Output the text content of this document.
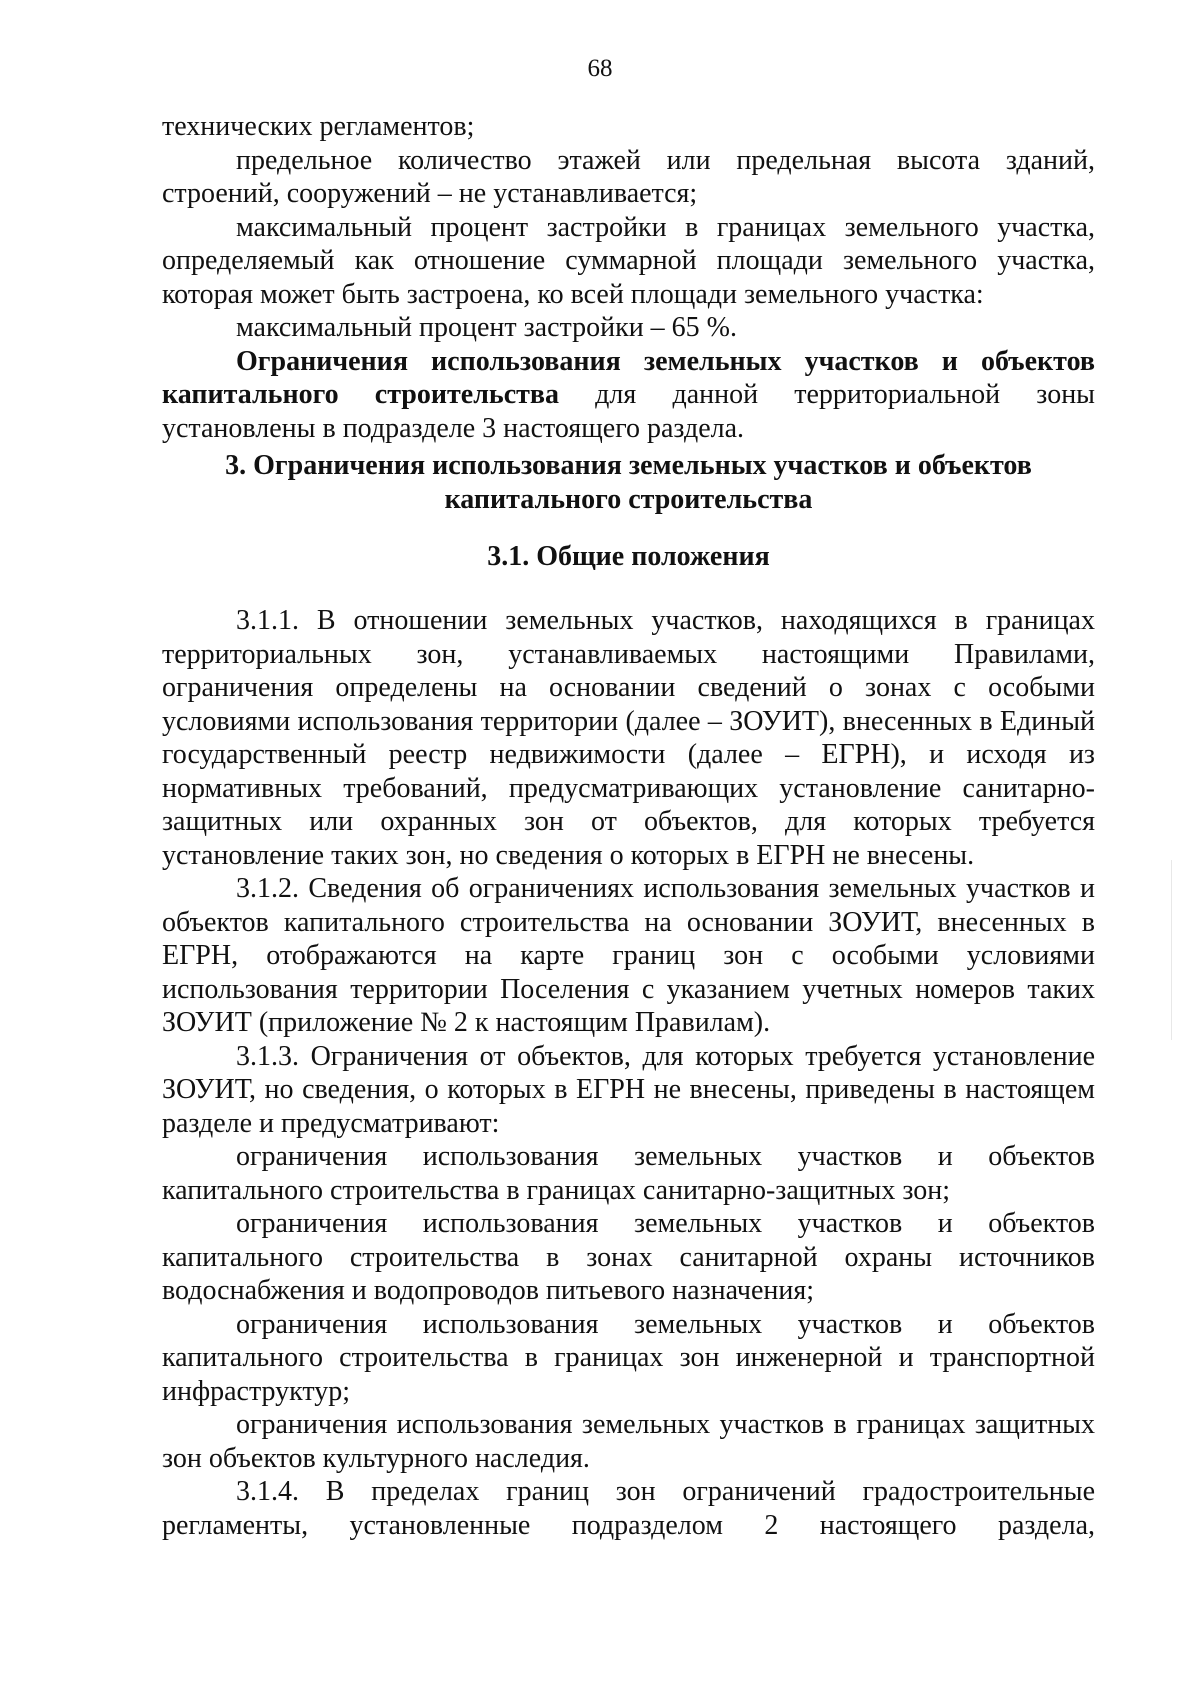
68

технических регламентов;

предельное количество этажей или предельная высота зданий, строений, сооружений – не устанавливается;

максимальный процент застройки в границах земельного участка, определяемый как отношение суммарной площади земельного участка, которая может быть застроена, ко всей площади земельного участка:

максимальный процент застройки – 65 %.

Ограничения использования земельных участков и объектов капитального строительства для данной территориальной зоны установлены в подразделе 3 настоящего раздела.

3. Ограничения использования земельных участков и объектов
капитального строительства

3.1. Общие положения

3.1.1. В отношении земельных участков, находящихся в границах территориальных зон, устанавливаемых настоящими Правилами, ограничения определены на основании сведений о зонах с особыми условиями использования территории (далее – ЗОУИТ), внесенных в Единый государственный реестр недвижимости (далее – ЕГРН), и исходя из нормативных требований, предусматривающих установление санитарно-защитных или охранных зон от объектов, для которых требуется установление таких зон, но сведения о которых в ЕГРН не внесены.

3.1.2. Сведения об ограничениях использования земельных участков и объектов капитального строительства на основании ЗОУИТ, внесенных в ЕГРН, отображаются на карте границ зон с особыми условиями использования территории Поселения с указанием учетных номеров таких ЗОУИТ (приложение № 2 к настоящим Правилам).

3.1.3. Ограничения от объектов, для которых требуется установление ЗОУИТ, но сведения, о которых в ЕГРН не внесены, приведены в настоящем разделе и предусматривают:

ограничения использования земельных участков и объектов капитального строительства в границах санитарно-защитных зон;

ограничения использования земельных участков и объектов капитального строительства в зонах санитарной охраны источников водоснабжения и водопроводов питьевого назначения;

ограничения использования земельных участков и объектов капитального строительства в границах зон инженерной и транспортной инфраструктур;

ограничения использования земельных участков в границах защитных зон объектов культурного наследия.

3.1.4. В пределах границ зон ограничений градостроительные регламенты, установленные подразделом 2 настоящего раздела,
